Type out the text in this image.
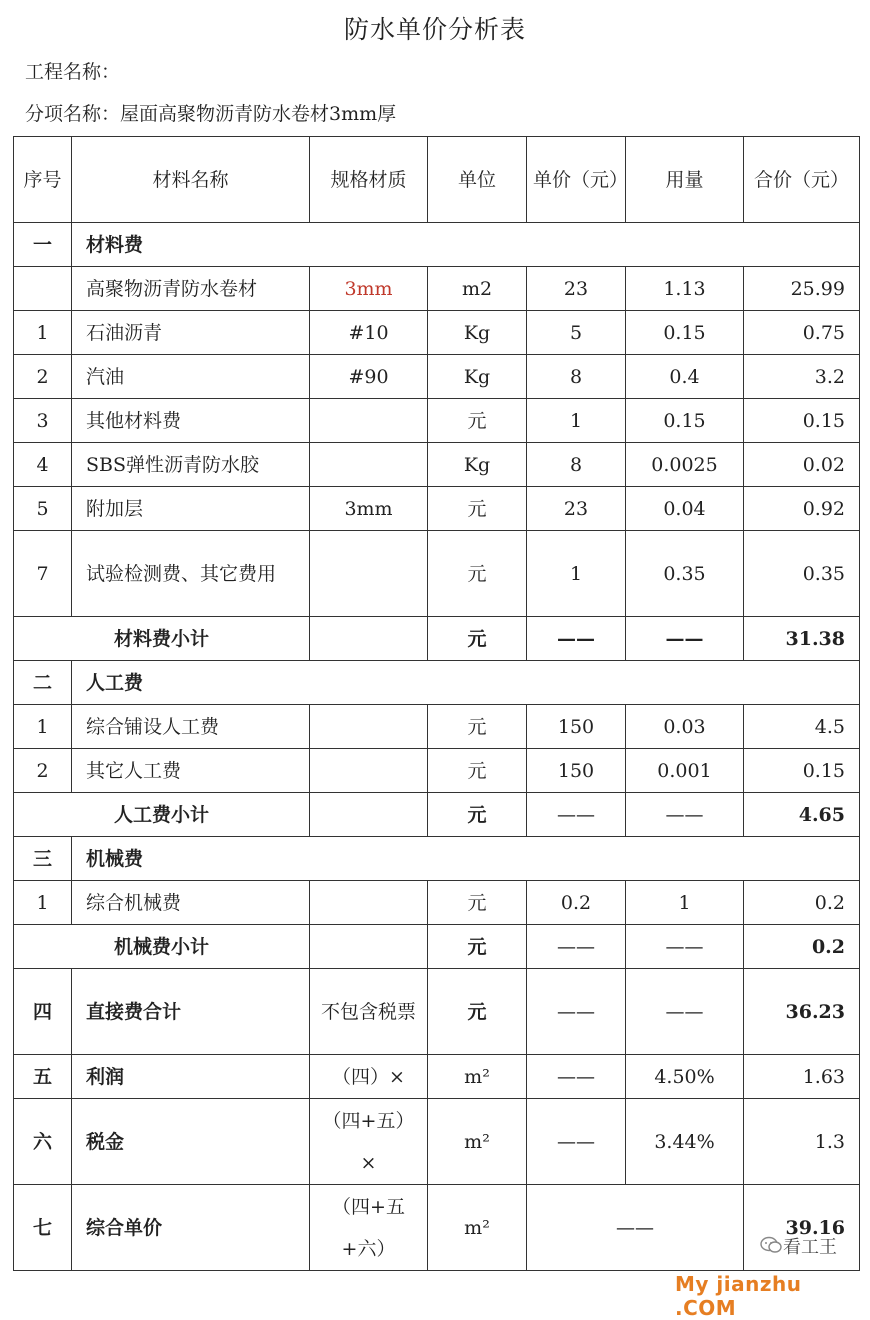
防水单价分析表
工程名称：
分项名称：屋面高聚物沥青防水卷材3mm厚
序号	材料名称	规格材质	单位	单价（元）	用量	合价（元）
一	材料费					
	高聚物沥青防水卷材	3mm	m2	23	1.13	25.99
1	石油沥青	#10	Kg	5	0.15	0.75
2	汽油	#90	Kg	8	0.4	3.2
3	其他材料费		元	1	0.15	0.15
4	SBS弹性沥青防水胶		Kg	8	0.0025	0.02
5	附加层	3mm	元	23	0.04	0.92
7	试验检测费、其它费用		元	1	0.35	0.35
材料费小计			元	——	——	31.38
二	人工费					
1	综合铺设人工费		元	150	0.03	4.5
2	其它人工费		元	150	0.001	0.15
人工费小计			元	——	——	4.65
三	机械费					
1	综合机械费		元	0.2	1	0.2
机械费小计			元	——	——	0.2
四	直接费合计	不包含税票	元	——	——	36.23
五	利润	（四）×	m²	——	4.50%	1.63
六	税金	（四+五）×	m²	——	3.44%	1.3
七	综合单价	（四+五+六）	m²	——		39.16
看工王
My jianzhu .COM
